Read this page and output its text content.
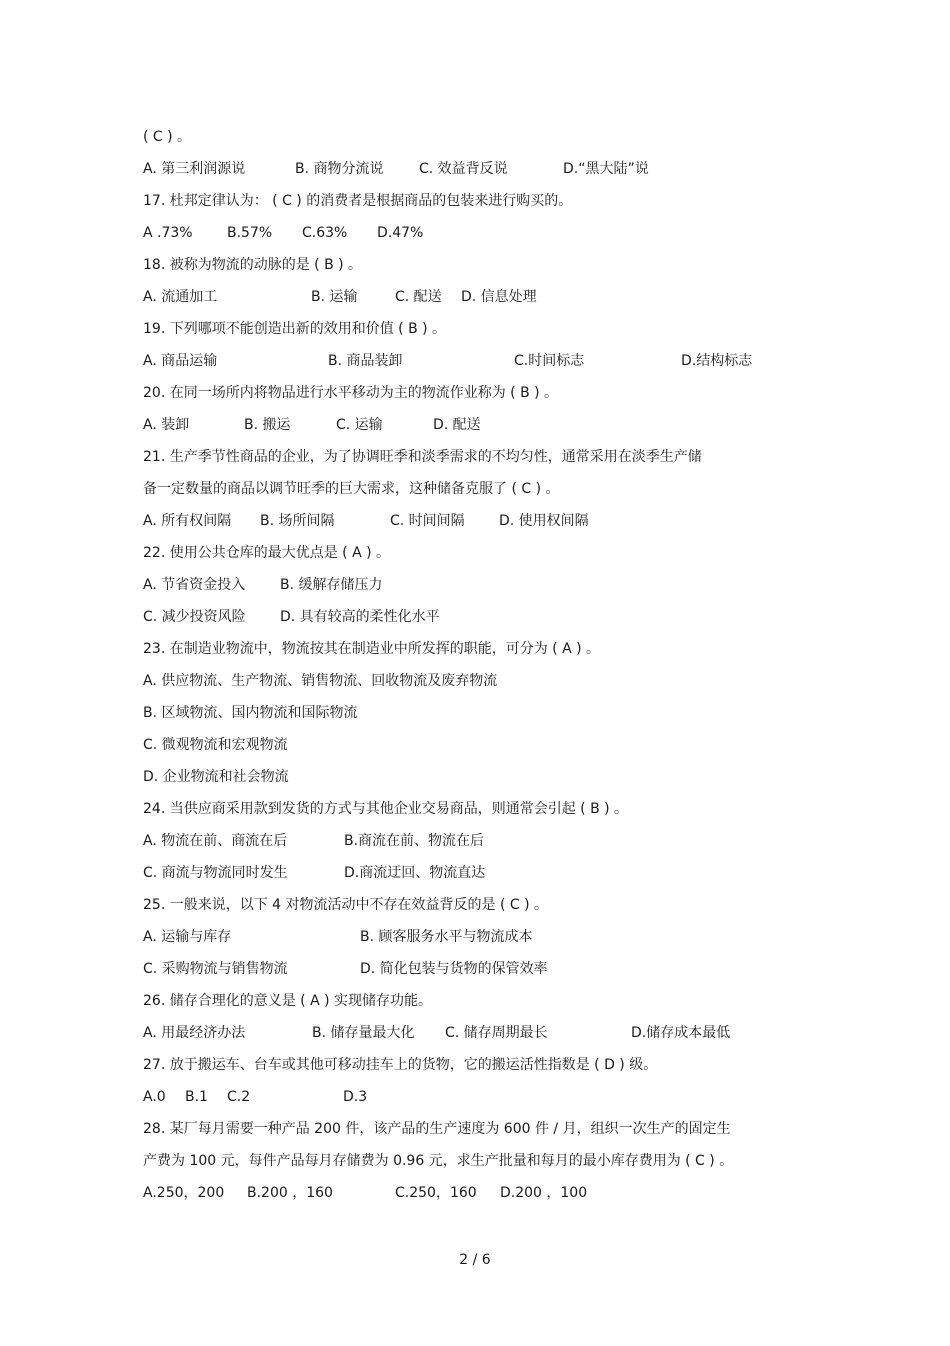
( C ) 。
A. 第三利润源说	B. 商物分流说	C. 效益背反说	D.“黑大陆”说
17. 杜邦定律认为： ( C ) 的消费者是根据商品的包装来进行购买的。
A .73% B.57% C.63% D.47%
18. 被称为物流的动脉的是 ( B ) 。
A. 流通加工	B. 运输	C. 配送 D. 信息处理
19. 下列哪项不能创造出新的效用和价值 ( B ) 。
A. 商品运输	B. 商品装卸	C.时间标志	D.结构标志
20. 在同一场所内将物品进行水平移动为主的物流作业称为 ( B ) 。
A. 装卸	B. 搬运	C. 运输	D. 配送
21. 生产季节性商品的企业，为了协调旺季和淡季需求的不均匀性，通常采用在淡季生产储
备一定数量的商品以调节旺季的巨大需求，这种储备克服了 ( C ) 。
A. 所有权间隔 B. 场所间隔	C. 时间间隔 D. 使用权间隔
22. 使用公共仓库的最大优点是 ( A ) 。
A. 节省资金投入 B. 缓解存储压力
C. 减少投资风险 D. 具有较高的柔性化水平
23. 在制造业物流中，物流按其在制造业中所发挥的职能，可分为 ( A ) 。
A. 供应物流、生产物流、销售物流、回收物流及废弃物流
B. 区域物流、国内物流和国际物流
C. 微观物流和宏观物流
D. 企业物流和社会物流
24. 当供应商采用款到发货的方式与其他企业交易商品，则通常会引起 ( B ) 。
A. 物流在前、商流在后	B.商流在前、物流在后
C. 商流与物流同时发生	D.商流迂回、物流直达
25. 一般来说，以下 4 对物流活动中不存在效益背反的是 ( C ) 。
A. 运输与库存	B. 顾客服务水平与物流成本
C. 采购物流与销售物流	D. 简化包装与货物的保管效率
26. 储存合理化的意义是 ( A ) 实现储存功能。
A. 用最经济办法	B. 储存量最大化 C. 储存周期最长	D.储存成本最低
27. 放于搬运车、台车或其他可移动挂车上的货物，它的搬运活性指数是 ( D ) 级。
A.0 B.1 C.2	D.3
28. 某厂每月需要一种产品 200 件，该产品的生产速度为 600 件 / 月，组织一次生产的固定生
产费为 100 元，每件产品每月存储费为 0.96 元，求生产批量和每月的最小库存费用为 ( C ) 。
A.250，200 B.200 ，160	C.250，160 D.200 ，100
2 / 6
